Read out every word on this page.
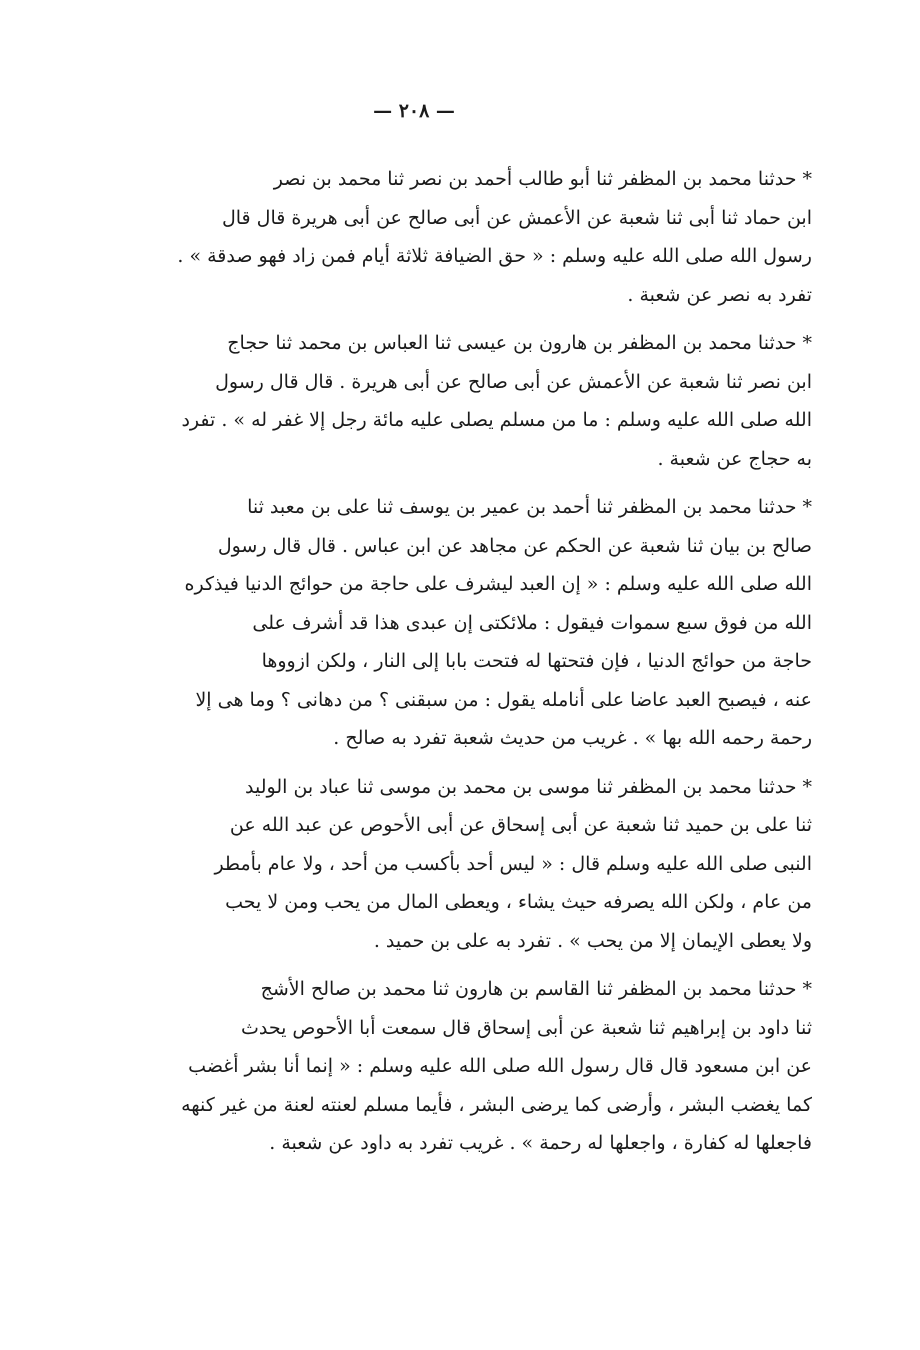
— ٢٠٨ —
* حدثنا محمد بن المظفر ثنا أبو طالب أحمد بن نصر ثنا محمد بن نصر
ابن حماد ثنا أبى ثنا شعبة عن الأعمش عن أبى صالح عن أبى هريرة قال قال
رسول الله صلى الله عليه وسلم : « حق الضيافة ثلاثة أيام فمن زاد فهو صدقة » .
تفرد به نصر عن شعبة .
* حدثنا محمد بن المظفر بن هارون بن عيسى ثنا العباس بن محمد ثنا حجاج
ابن نصر ثنا شعبة عن الأعمش عن أبى صالح عن أبى هريرة . قال قال رسول
الله صلى الله عليه وسلم : ما من مسلم يصلى عليه مائة رجل إلا غفر له » . تفرد
به حجاج عن شعبة .
* حدثنا محمد بن المظفر ثنا أحمد بن عمير بن يوسف ثنا على بن معبد ثنا
صالح بن بيان ثنا شعبة عن الحكم عن مجاهد عن ابن عباس . قال قال رسول
الله صلى الله عليه وسلم : « إن العبد ليشرف على حاجة من حوائج الدنيا فيذكره
الله من فوق سبع سموات فيقول : ملائكتى إن عبدى هذا قد أشرف على
حاجة من حوائج الدنيا ، فإن فتحتها له فتحت بابا إلى النار ، ولكن ازووها
عنه ، فيصبح العبد عاضا على أنامله يقول : من سبقنى ؟ من دهانى ؟ وما هى إلا
رحمة رحمه الله بها » . غريب من حديث شعبة تفرد به صالح .
* حدثنا محمد بن المظفر ثنا موسى بن محمد بن موسى ثنا عباد بن الوليد
ثنا على بن حميد ثنا شعبة عن أبى إسحاق عن أبى الأحوص عن عبد الله عن
النبى صلى الله عليه وسلم قال : « ليس أحد بأكسب من أحد ، ولا عام بأمطر
من عام ، ولكن الله يصرفه حيث يشاء ، ويعطى المال من يحب ومن لا يحب
ولا يعطى الإيمان إلا من يحب » . تفرد به على بن حميد .
* حدثنا محمد بن المظفر ثنا القاسم بن هارون ثنا محمد بن صالح الأشج
ثنا داود بن إبراهيم ثنا شعبة عن أبى إسحاق قال سمعت أبا الأحوص يحدث
عن ابن مسعود قال قال رسول الله صلى الله عليه وسلم : « إنما أنا بشر أغضب
كما يغضب البشر ، وأرضى كما يرضى البشر ، فأيما مسلم لعنته لعنة من غير كنهه
فاجعلها له كفارة ، واجعلها له رحمة » . غريب تفرد به داود عن شعبة .
